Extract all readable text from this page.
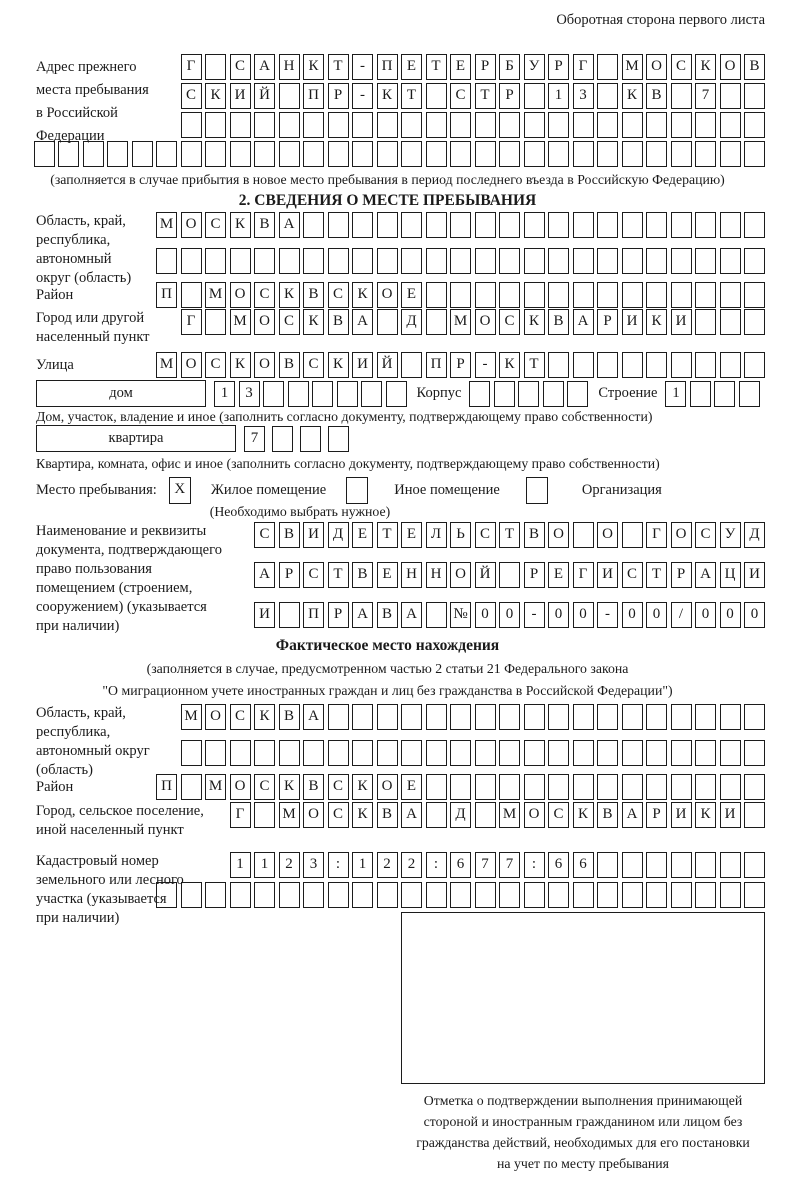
Оборотная сторона первого листа
Адрес прежнего
места пребывания
в Российской
Федерации
Г	С А Н К Т	-	П Е	Т	Е	Р	Б У	Р	Г	М О С К О В
С К И Й	П Р	-	К Т	С Т	Р	1	3	К В	7
(заполняется в случае прибытия в новое место пребывания в период последнего въезда в Российскую Федерацию)
2. СВЕДЕНИЯ О МЕСТЕ ПРЕБЫВАНИЯ
Область, край,
республика,
автономный
округ (область)
М О С К В А
Район	П	М О С К В С К О Е
Город или другой
населенный пункт
Г	М О С К В А	Д	М О С К В А Р И К И
Улица	М О С К О В С К И Й	П Р	-	К Т
дом	1	3	Корпус	Строение 1
Дом, участок, владение и иное (заполнить согласно документу, подтверждающему право собственности)
квартира	7
Квартира, комната, офис и иное (заполнить согласно документу, подтверждающему право собственности)
Место пребывания:	X	Жилое помещение	Иное помещение	Организация
(Необходимо выбрать нужное)
Наименование и реквизиты
документа, подтверждающего
право пользования
помещением (строением,
сооружением) (указывается
при наличии)
С В И Д Е	Т	Е Л	Ь	С Т В О	О	Г О С У Д
А Р	С Т В Е Н Н О Й	Р	Е	Г И С Т	Р А Ц И
И	П Р А В А	№ 0	0	-	0	0	-	0	0	/	0	0	0
Фактическое место нахождения
(заполняется в случае, предусмотренном частью 2 статьи 21 Федерального закона
"О миграционном учете иностранных граждан и лиц без гражданства в Российской Федерации")
Область, край,
республика,
автономный округ
(область)
М О С К В А
Район	П	М О С К В С К О Е
Город, сельское поселение,
иной населенный пункт
Г	М О С К В А	Д	М О С К В А Р И К И
Кадастровый номер
земельного или лесного
участка (указывается
при наличии)
1	1	2	3	:	1	2	2	:	6	7	7	:	6	6
Отметка о подтверждении выполнения принимающей
стороной и иностранным гражданином или лицом без
гражданства действий, необходимых для его постановки
на учет по месту пребывания
